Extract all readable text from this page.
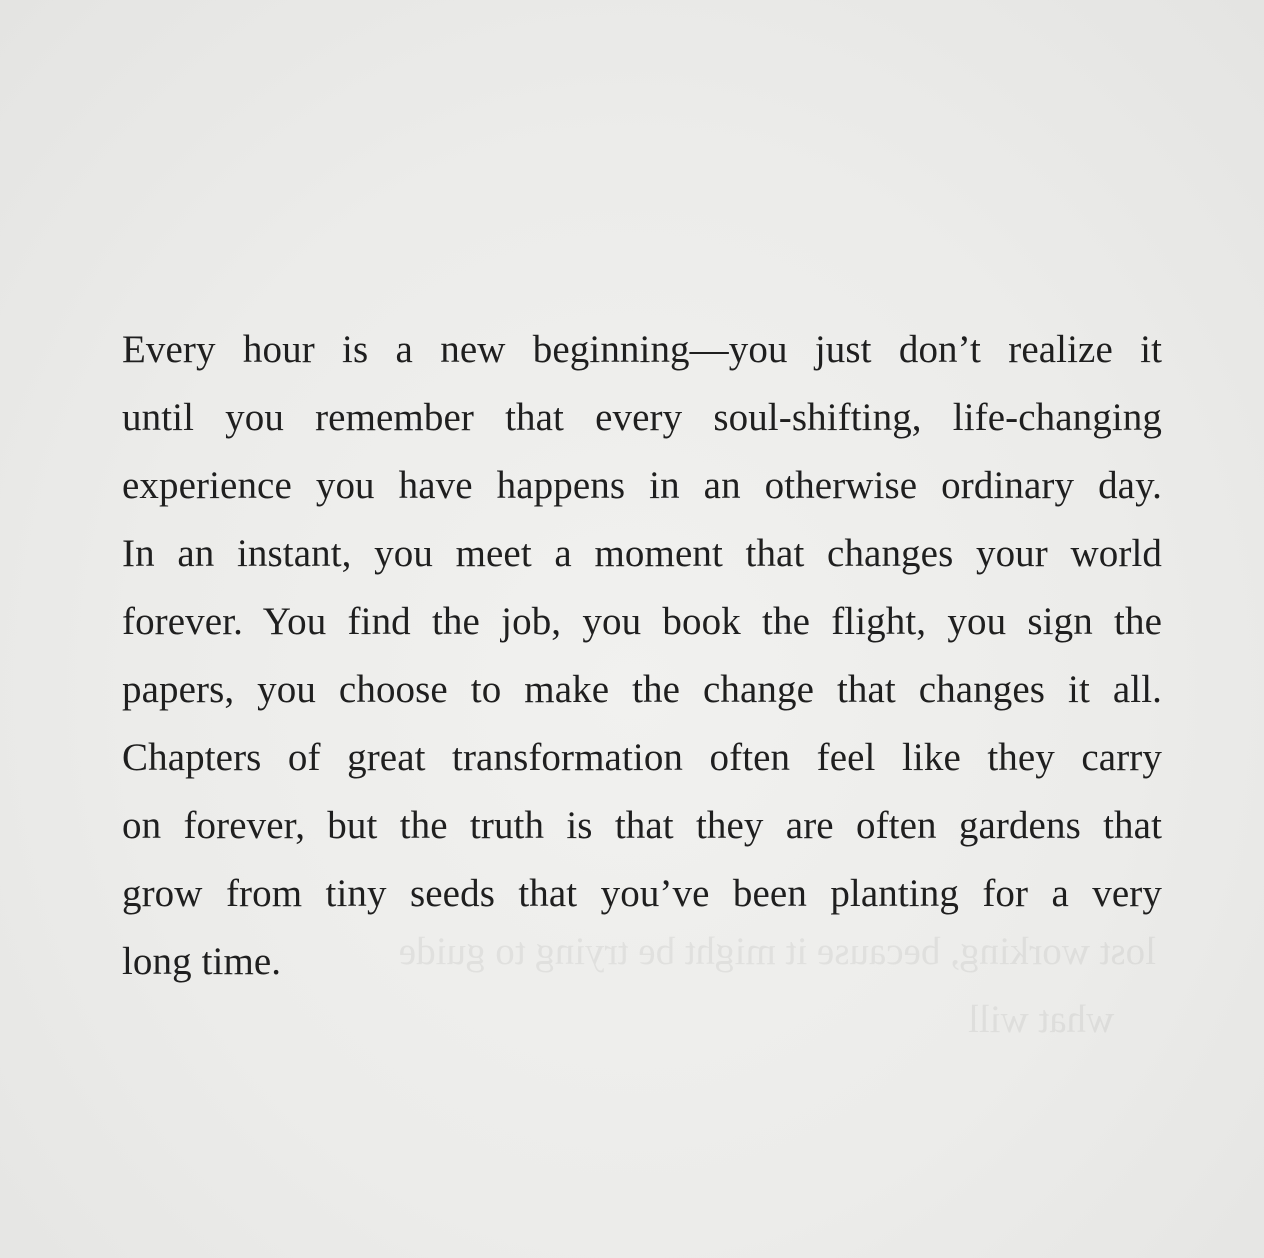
lost working, because it might be trying to guide
what will

Every hour is a new beginning—you just don’t realize it
until you remember that every soul-shifting, life-changing
experience you have happens in an otherwise ordinary day.
In an instant, you meet a moment that changes your world
forever. You find the job, you book the flight, you sign the
papers, you choose to make the change that changes it all.
Chapters of great transformation often feel like they carry
on forever, but the truth is that they are often gardens that
grow from tiny seeds that you’ve been planting for a very
long time.
